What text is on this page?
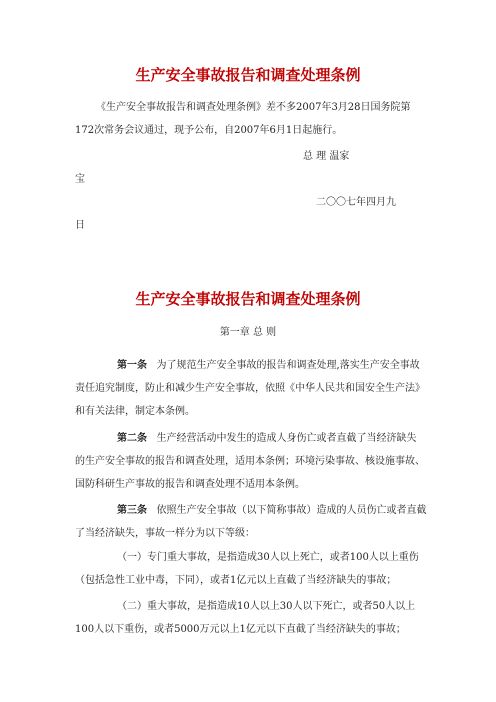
生产安全事故报告和调查处理条例
《生产安全事故报告和调查处理条例》差不多2007年3月28日国务院第
172次常务会议通过，现予公布，自2007年6月1日起施行。
总 理 温家
宝
二〇〇七年四月九
日
生产安全事故报告和调查处理条例
第一章 总 则
第一条 为了规范生产安全事故的报告和调查处理,落实生产安全事故
责任追究制度，防止和减少生产安全事故，依照《中华人民共和国安全生产法》
和有关法律，制定本条例。
第二条 生产经营活动中发生的造成人身伤亡或者直截了当经济缺失
的生产安全事故的报告和调查处理，适用本条例；环境污染事故、核设施事故、
国防科研生产事故的报告和调查处理不适用本条例。
第三条 依照生产安全事故（以下简称事故）造成的人员伤亡或者直截
了当经济缺失，事故一样分为以下等级：
（一）专门重大事故，是指造成30人以上死亡，或者100人以上重伤
（包括急性工业中毒，下同），或者1亿元以上直截了当经济缺失的事故；
（二）重大事故，是指造成10人以上30人以下死亡，或者50人以上
100人以下重伤，或者5000万元以上1亿元以下直截了当经济缺失的事故；
